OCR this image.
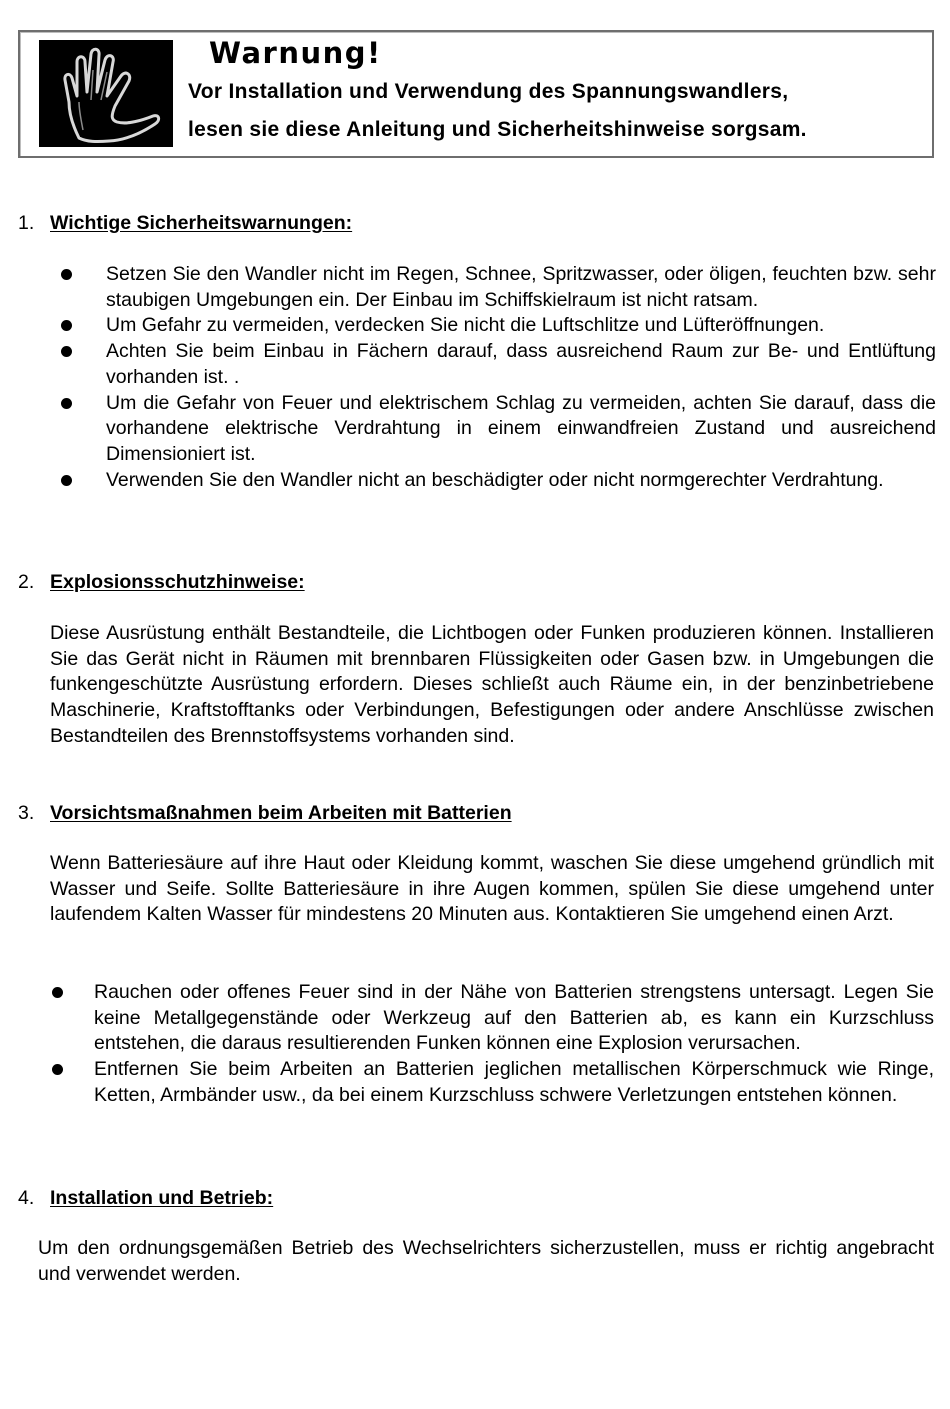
Warnung!
Vor Installation und Verwendung des Spannungswandlers,
lesen sie diese Anleitung und Sicherheitshinweise sorgsam.
1. Wichtige Sicherheitswarnungen:
Setzen Sie den Wandler nicht im Regen, Schnee, Spritzwasser, oder öligen, feuchten bzw. sehr staubigen Umgebungen ein. Der Einbau im Schiffskielraum ist nicht ratsam.
Um Gefahr zu vermeiden, verdecken Sie nicht die Luftschlitze und Lüfteröffnungen.
Achten Sie beim Einbau in Fächern darauf, dass ausreichend Raum zur Be- und Entlüftung vorhanden ist. .
Um die Gefahr von Feuer und elektrischem Schlag zu vermeiden, achten Sie darauf, dass die vorhandene elektrische Verdrahtung in einem einwandfreien Zustand und ausreichend Dimensioniert ist.
Verwenden Sie den Wandler nicht an beschädigter oder nicht normgerechter Verdrahtung.
2. Explosionsschutzhinweise:
Diese Ausrüstung enthält Bestandteile, die Lichtbogen oder Funken produzieren können. Installieren Sie das Gerät nicht in Räumen mit brennbaren Flüssigkeiten oder Gasen bzw. in Umgebungen die funkengeschützte Ausrüstung erfordern. Dieses schließt auch Räume ein, in der benzinbetriebene Maschinerie, Kraftstofftanks oder Verbindungen, Befestigungen oder andere Anschlüsse zwischen Bestandteilen des Brennstoffsystems vorhanden sind.
3. Vorsichtsmaßnahmen beim Arbeiten mit Batterien
Wenn Batteriesäure auf ihre Haut oder Kleidung kommt, waschen Sie diese umgehend gründlich mit Wasser und Seife. Sollte Batteriesäure in ihre Augen kommen, spülen Sie diese umgehend unter laufendem Kalten Wasser für mindestens 20 Minuten aus. Kontaktieren Sie umgehend einen Arzt.
Rauchen oder offenes Feuer sind in der Nähe von Batterien strengstens untersagt. Legen Sie keine Metallgegenstände oder Werkzeug auf den Batterien ab, es kann ein Kurzschluss entstehen, die daraus resultierenden Funken können eine Explosion verursachen.
Entfernen Sie beim Arbeiten an Batterien jeglichen metallischen Körperschmuck wie Ringe, Ketten, Armbänder usw., da bei einem Kurzschluss schwere Verletzungen entstehen können.
4. Installation und Betrieb:
Um den ordnungsgemäßen Betrieb des Wechselrichters sicherzustellen, muss er richtig angebracht und verwendet werden.
